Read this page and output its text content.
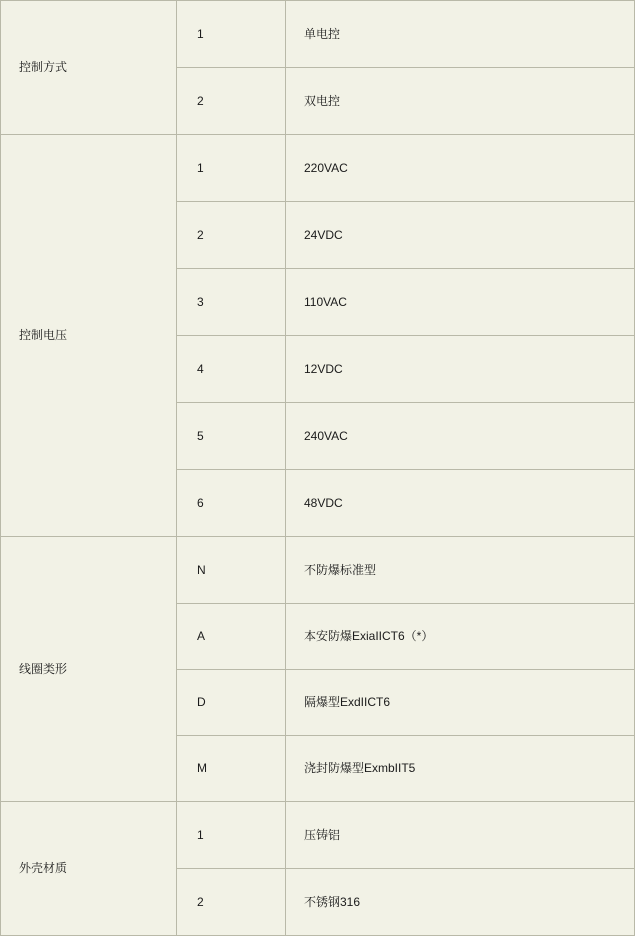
控制方式	1	单电控
	2	双电控
控制电压	1	220VAC
	2	24VDC
	3	110VAC
	4	12VDC
	5	240VAC
	6	48VDC
线圈类形	N	不防爆标准型
	A	本安防爆ExiaIICT6（*）
	D	隔爆型ExdIICT6
	M	浇封防爆型ExmbIIT5
外壳材质	1	压铸铝
	2	不锈钢316
